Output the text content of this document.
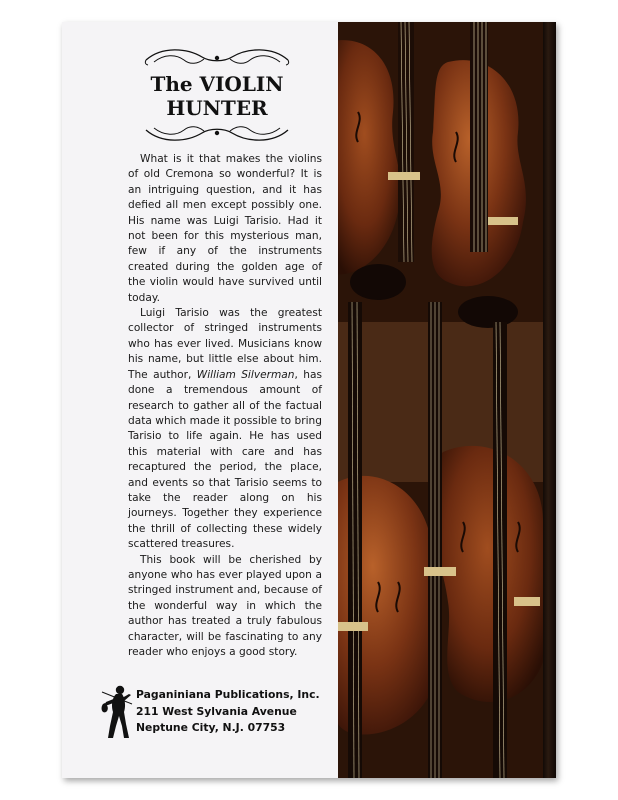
The VIOLIN
HUNTER

What is it that makes the violins of old Cremona so wonderful? It is an intriguing question, and it has defied all men except possibly one. His name was Luigi Tarisio. Had it not been for this mysterious man, few if any of the instruments created during the golden age of the violin would have survived until today.

Luigi Tarisio was the greatest collector of stringed instruments who has ever lived. Musicians know his name, but little else about him. The author, William Silverman, has done a tremendous amount of research to gather all of the factual data which made it possible to bring Tarisio to life again. He has used this material with care and has recaptured the period, the place, and events so that Tarisio seems to take the reader along on his journeys. Together they experience the thrill of collecting these widely scattered treasures.

This book will be cherished by anyone who has ever played upon a stringed instrument and, because of the wonderful way in which the author has treated a truly fabulous character, will be fascinating to any reader who enjoys a good story.

Paganiniana Publications, Inc.
211 West Sylvania Avenue
Neptune City, N.J. 07753
